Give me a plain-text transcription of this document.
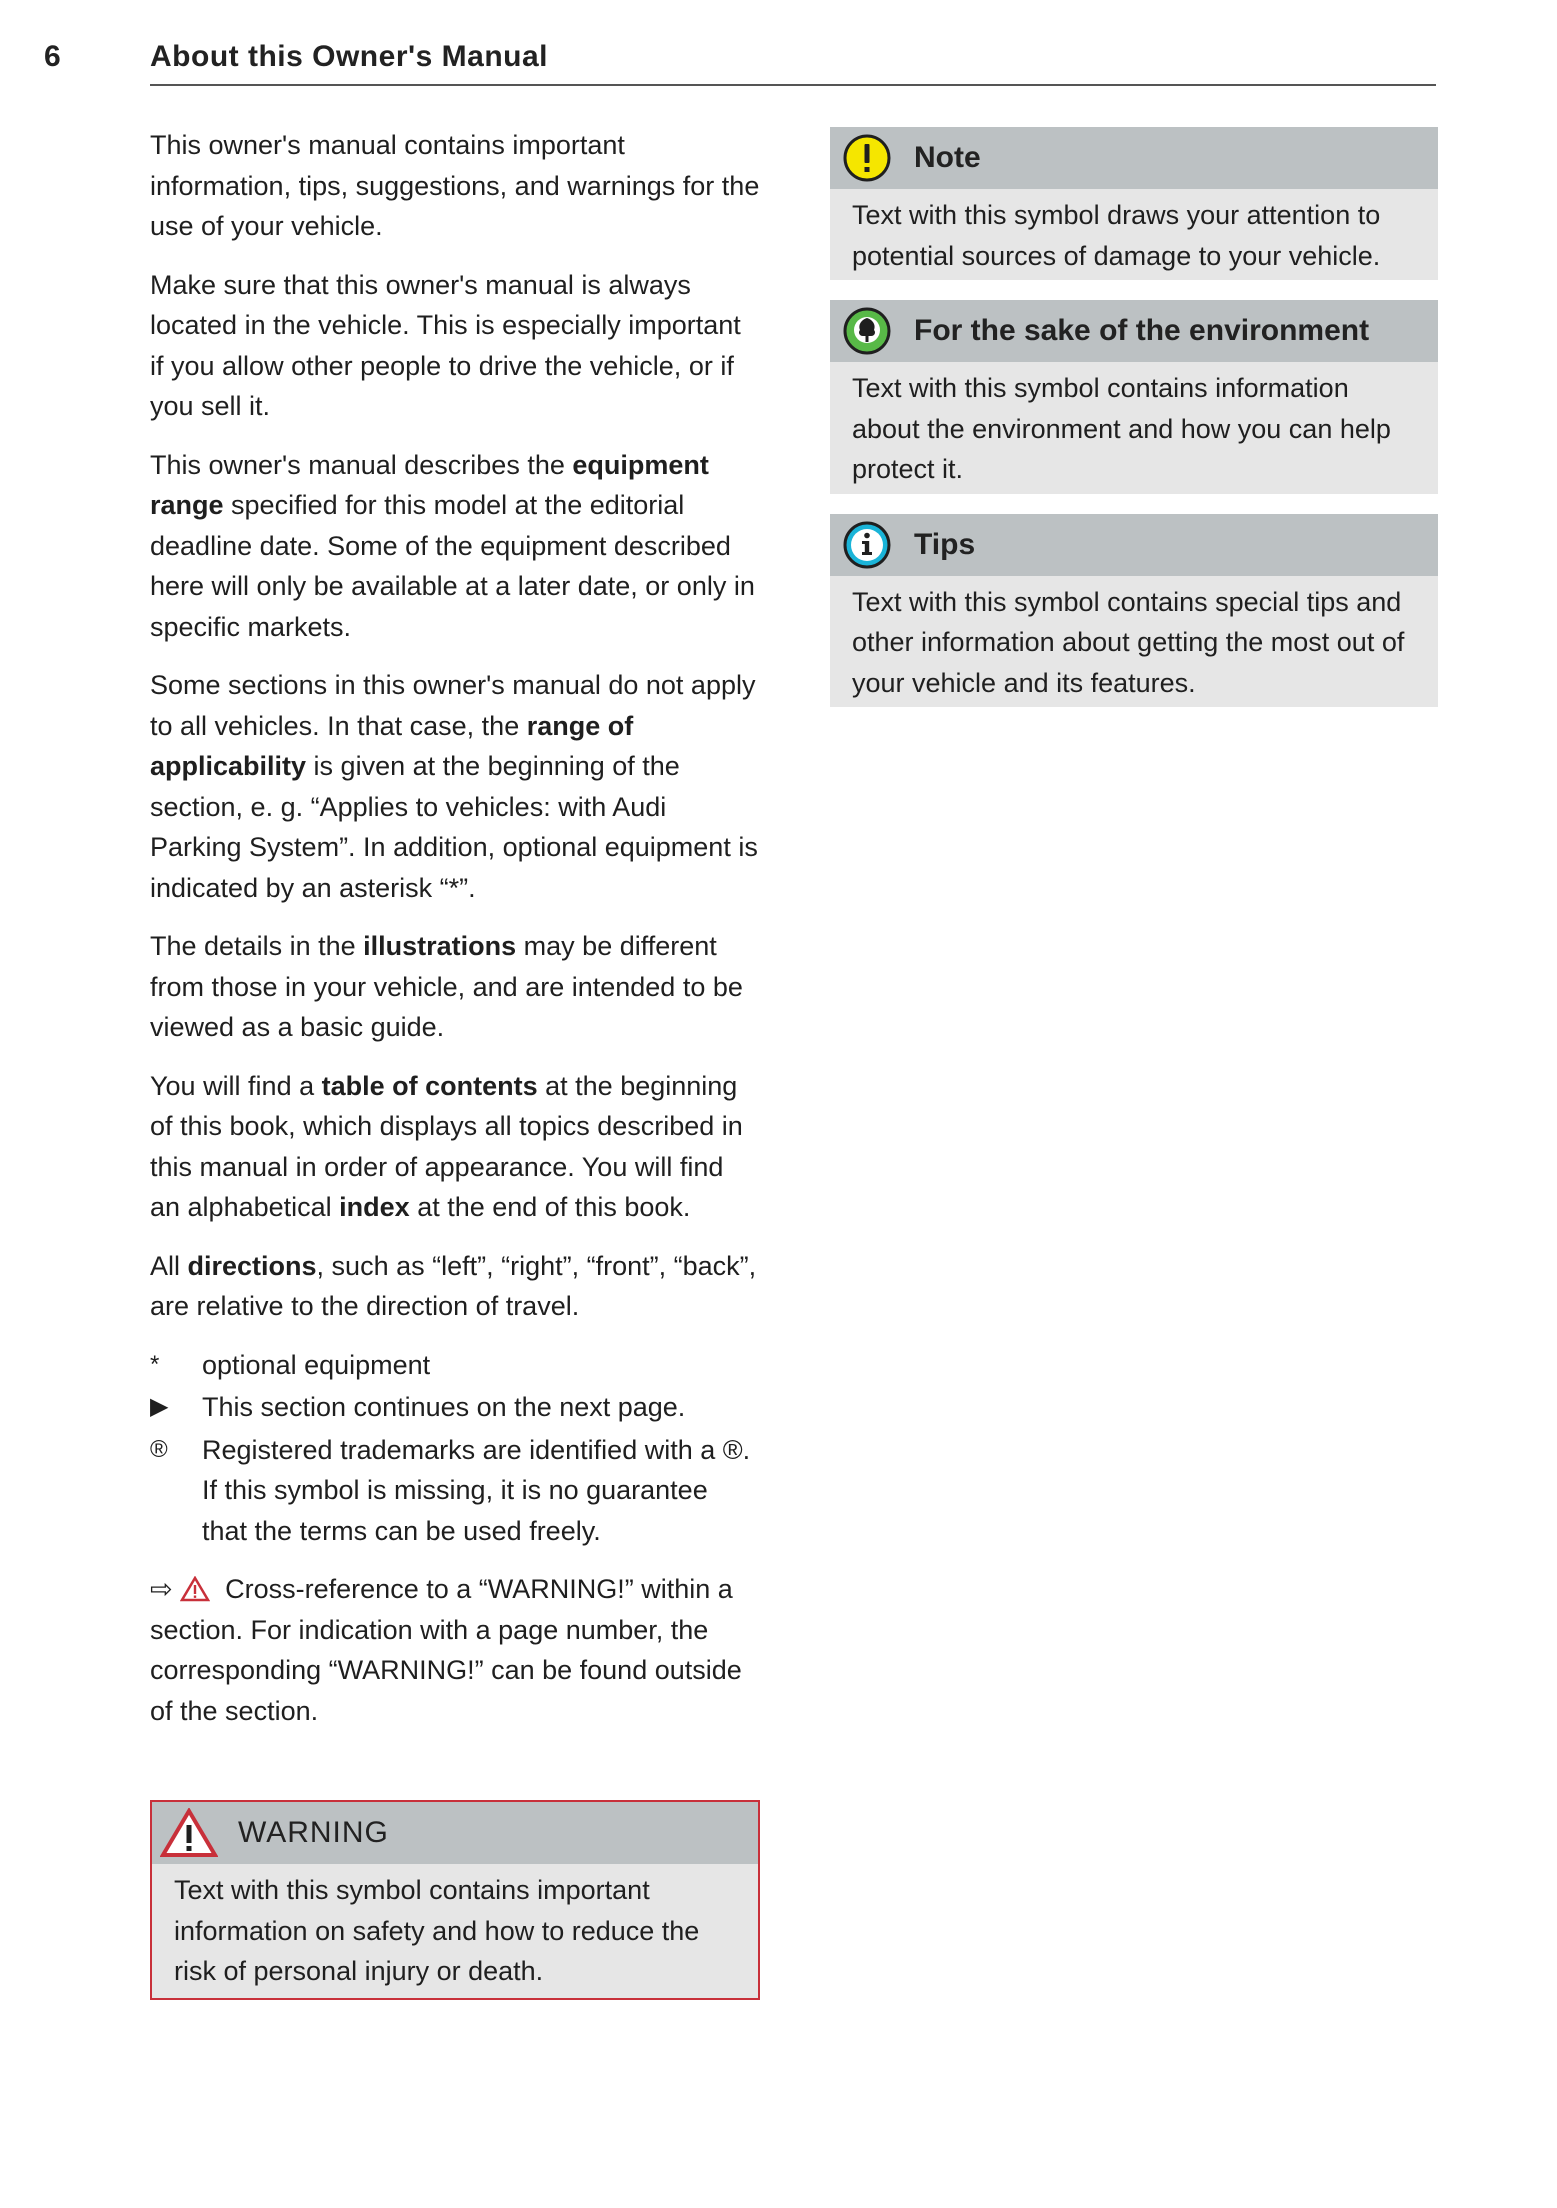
6	About this Owner's Manual

This owner's manual contains important information, tips, suggestions, and warnings for the use of your vehicle.

Make sure that this owner's manual is always located in the vehicle. This is especially important if you allow other people to drive the vehicle, or if you sell it.

This owner's manual describes the equipment range specified for this model at the editorial deadline date. Some of the equipment described here will only be available at a later date, or only in specific markets.

Some sections in this owner's manual do not apply to all vehicles. In that case, the range of applicability is given at the beginning of the section, e. g. “Applies to vehicles: with Audi Parking System”. In addition, optional equipment is indicated by an asterisk “*”.

The details in the illustrations may be different from those in your vehicle, and are intended to be viewed as a basic guide.

You will find a table of contents at the beginning of this book, which displays all topics described in this manual in order of appearance. You will find an alphabetical index at the end of this book.

All directions, such as “left”, “right”, “front”, “back”, are relative to the direction of travel.

*	optional equipment
▶	This section continues on the next page.
®	Registered trademarks are identified with a ®. If this symbol is missing, it is no guarantee that the terms can be used freely.

⇨ Cross-reference to a “WARNING!” within a section. For indication with a page number, the corresponding “WARNING!” can be found outside of the section.

WARNING

Text with this symbol contains important information on safety and how to reduce the risk of personal injury or death.

Note

Text with this symbol draws your attention to potential sources of damage to your vehicle.

For the sake of the environment

Text with this symbol contains information about the environment and how you can help protect it.

Tips

Text with this symbol contains special tips and other information about getting the most out of your vehicle and its features.
